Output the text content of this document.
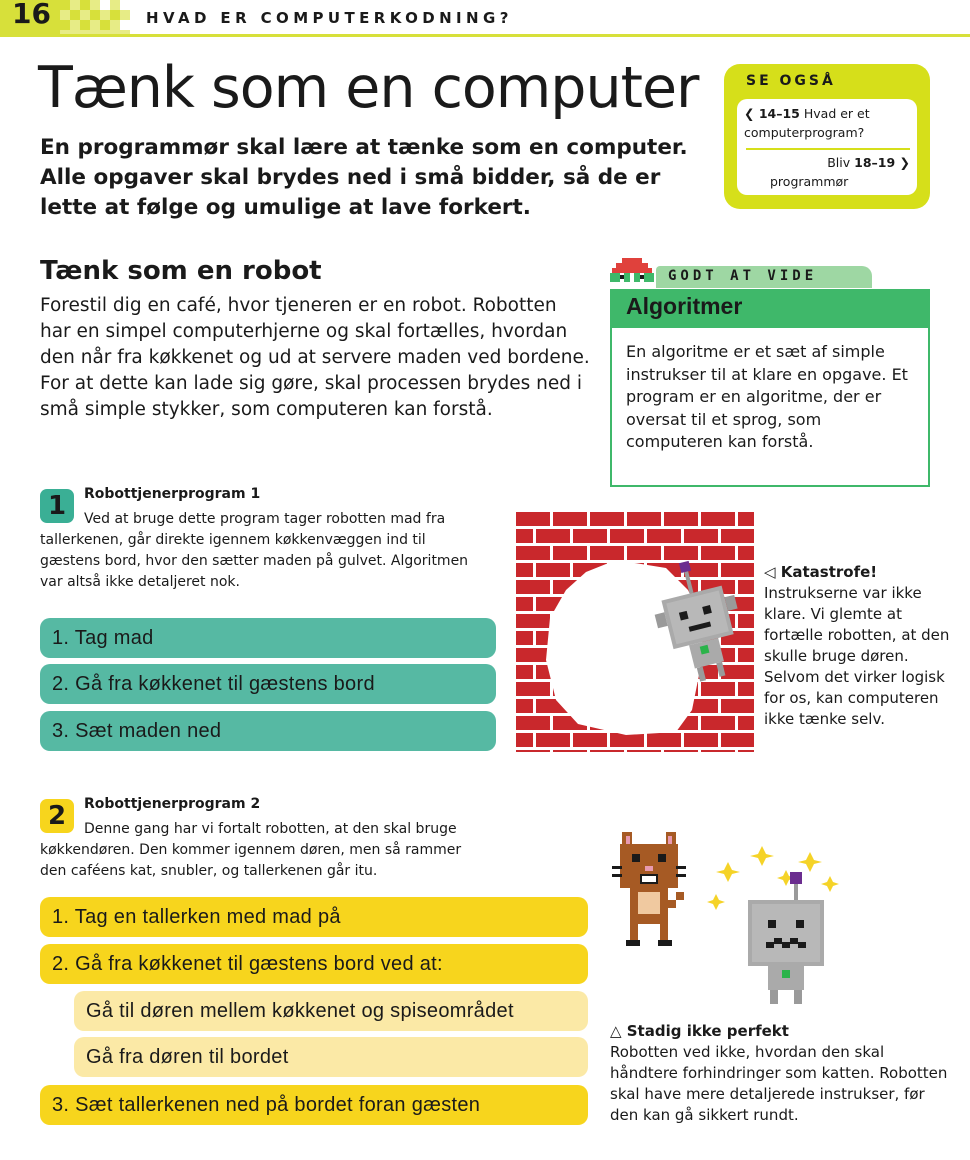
16	HVAD ER COMPUTERKODNING?
Tænk som en computer
En programmør skal lære at tænke som en computer. Alle opgaver skal brydes ned i små bidder, så de er lette at følge og umulige at lave forkert.
SE OGSÅ
❮ 14–15 Hvad er et computerprogram?
Bliv 18–19 ❯
programmør
Tænk som en robot
Forestil dig en café, hvor tjeneren er en robot. Robotten har en simpel computerhjerne og skal fortælles, hvordan den når fra køkkenet og ud at servere maden ved bordene. For at dette kan lade sig gøre, skal processen brydes ned i små simple stykker, som computeren kan forstå.
GODT AT VIDE
Algoritmer
En algoritme er et sæt af simple instrukser til at klare en opgave. Et program er en algoritme, der er oversat til et sprog, som computeren kan forstå.
1	Robottjenerprogram 1
Ved at bruge dette program tager robotten mad fra tallerkenen, går direkte igennem køkkenvæggen ind til gæstens bord, hvor den sætter maden på gulvet. Algoritmen var altså ikke detaljeret nok.
1. Tag mad
2. Gå fra køkkenet til gæstens bord
3. Sæt maden ned
◁ Katastrofe!
Instrukserne var ikke klare. Vi glemte at fortælle robotten, at den skulle bruge døren. Selvom det virker logisk for os, kan computeren ikke tænke selv.
2	Robottjenerprogram 2
Denne gang har vi fortalt robotten, at den skal bruge køkkendøren. Den kommer igennem døren, men så rammer den caféens kat, snubler, og tallerkenen går itu.
1. Tag en tallerken med mad på
2. Gå fra køkkenet til gæstens bord ved at:
Gå til døren mellem køkkenet og spiseområdet
Gå fra døren til bordet
3. Sæt tallerkenen ned på bordet foran gæsten
△ Stadig ikke perfekt
Robotten ved ikke, hvordan den skal håndtere forhindringer som katten. Robotten skal have mere detaljerede instrukser, før den kan gå sikkert rundt.
